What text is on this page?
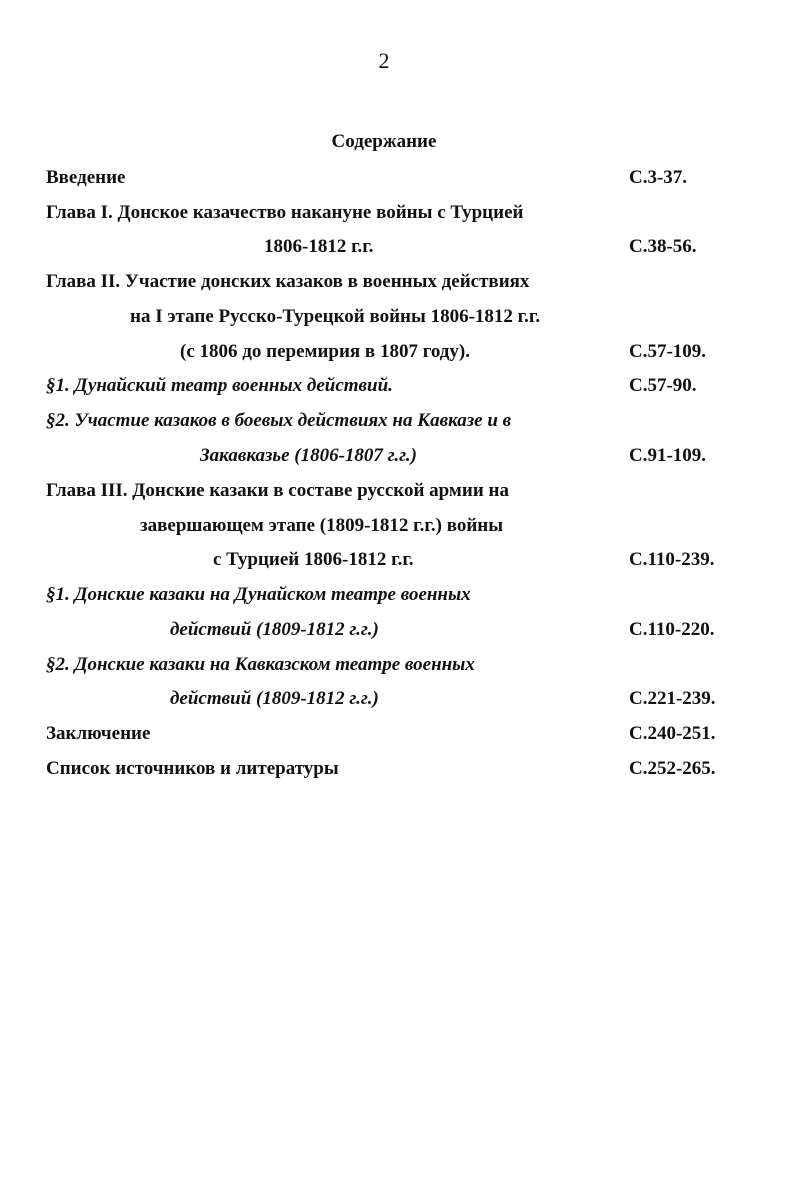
2
Содержание
Введение	С.3-37.
Глава I. Донское казачество накануне войны с Турцией
1806-1812 г.г.	С.38-56.
Глава II. Участие донских казаков в военных действиях
на I этапе Русско-Турецкой войны 1806-1812 г.г.
(с 1806 до перемирия в 1807 году).	С.57-109.
§1. Дунайский театр военных действий.	С.57-90.
§2. Участие казаков в боевых действиях на Кавказе и в
Закавказье (1806-1807 г.г.)	С.91-109.
Глава III. Донские казаки в составе русской армии на
завершающем этапе (1809-1812 г.г.) войны
с Турцией 1806-1812 г.г.	С.110-239.
§1. Донские казаки на Дунайском театре военных
действий (1809-1812 г.г.)	С.110-220.
§2. Донские казаки на Кавказском театре военных
действий (1809-1812 г.г.)	С.221-239.
Заключение	С.240-251.
Список источников и литературы	С.252-265.
